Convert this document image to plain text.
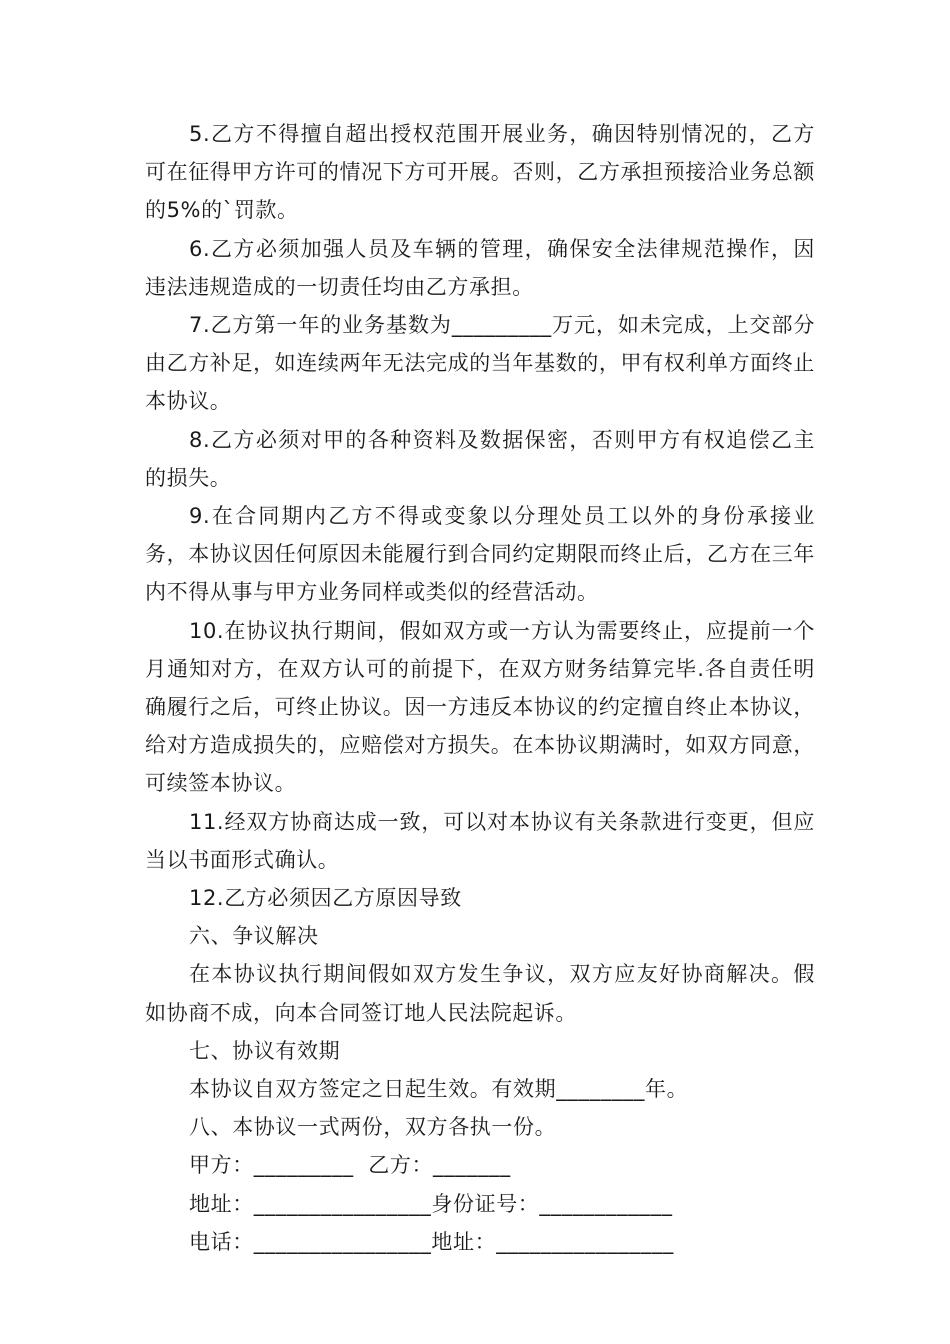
5.乙方不得擅自超出授权范围开展业务，确因特别情况的，乙方可在征得甲方许可的情况下方可开展。否则，乙方承担预接洽业务总额的5%的`罚款。

6.乙方必须加强人员及车辆的管理，确保安全法律规范操作，因违法违规造成的一切责任均由乙方承担。

7.乙方第一年的业务基数为_________万元，如未完成，上交部分由乙方补足，如连续两年无法完成的当年基数的，甲有权利单方面终止本协议。

8.乙方必须对甲的各种资料及数据保密，否则甲方有权追偿乙主的损失。

9.在合同期内乙方不得或变象以分理处员工以外的身份承接业务，本协议因任何原因未能履行到合同约定期限而终止后，乙方在三年内不得从事与甲方业务同样或类似的经营活动。

10.在协议执行期间，假如双方或一方认为需要终止，应提前一个月通知对方，在双方认可的前提下，在双方财务结算完毕.各自责任明确履行之后，可终止协议。因一方违反本协议的约定擅自终止本协议，给对方造成损失的，应赔偿对方损失。在本协议期满时，如双方同意，可续签本协议。

11.经双方协商达成一致，可以对本协议有关条款进行变更，但应当以书面形式确认。

12.乙方必须因乙方原因导致

六、争议解决

在本协议执行期间假如双方发生争议，双方应友好协商解决。假如协商不成，向本合同签订地人民法院起诉。

七、协议有效期

本协议自双方签定之日起生效。有效期________年。

八、本协议一式两份，双方各执一份。

甲方：_________  乙方：_______

地址：________________身份证号：____________

电话：________________地址：________________
